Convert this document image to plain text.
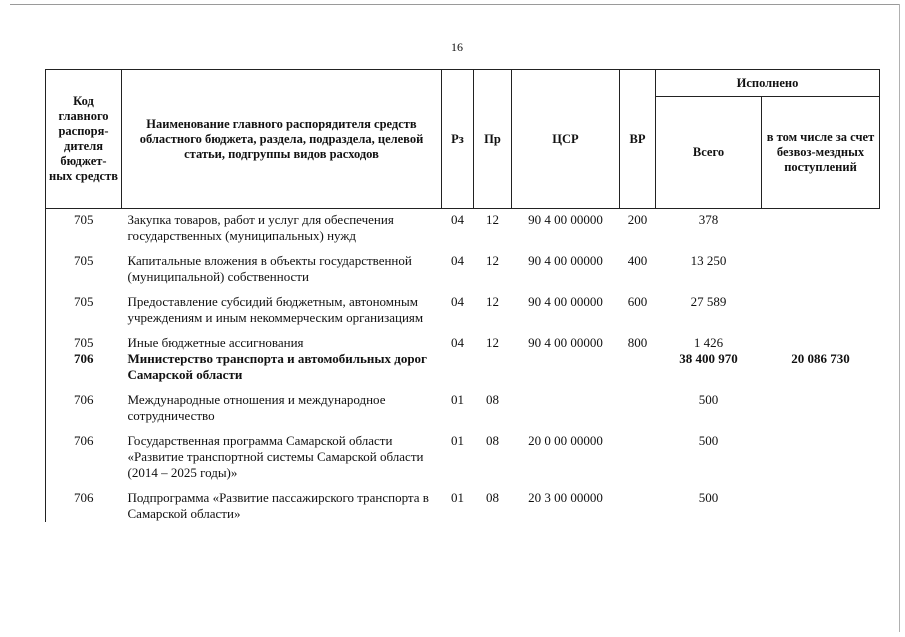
16
Код главного распоря-дителя бюджет-ных средств	Наименование главного распорядителя средств областного бюджета, раздела, подраздела, целевой статьи, подгруппы видов расходов	Рз	Пр	ЦСР	ВР	Исполнено	
						Всего	в том числе за счет безвоз-мездных поступлений

705	Закупка товаров, работ и услуг для обеспечения государственных (муниципальных) нужд	04	12	90 4 00 00000	200	378	

705	Капитальные вложения в объекты государственной (муниципальной) собственности	04	12	90 4 00 00000	400	13 250	

705	Предоставление субсидий бюджетным, автономным учреждениям и иным некоммерческим организациям	04	12	90 4 00 00000	600	27 589	

705	Иные бюджетные ассигнования	04	12	90 4 00 00000	800	1 426	
706	Министерство транспорта и автомобильных дорог Самарской области					38 400 970	20 086 730

706	Международные отношения и международное сотрудничество	01	08			500	

706	Государственная программа Самарской области «Развитие транспортной системы Самарской области (2014 – 2025 годы)»	01	08	20 0 00 00000		500	

706	Подпрограмма «Развитие пассажирского транспорта в Самарской области»	01	08	20 3 00 00000		500	
